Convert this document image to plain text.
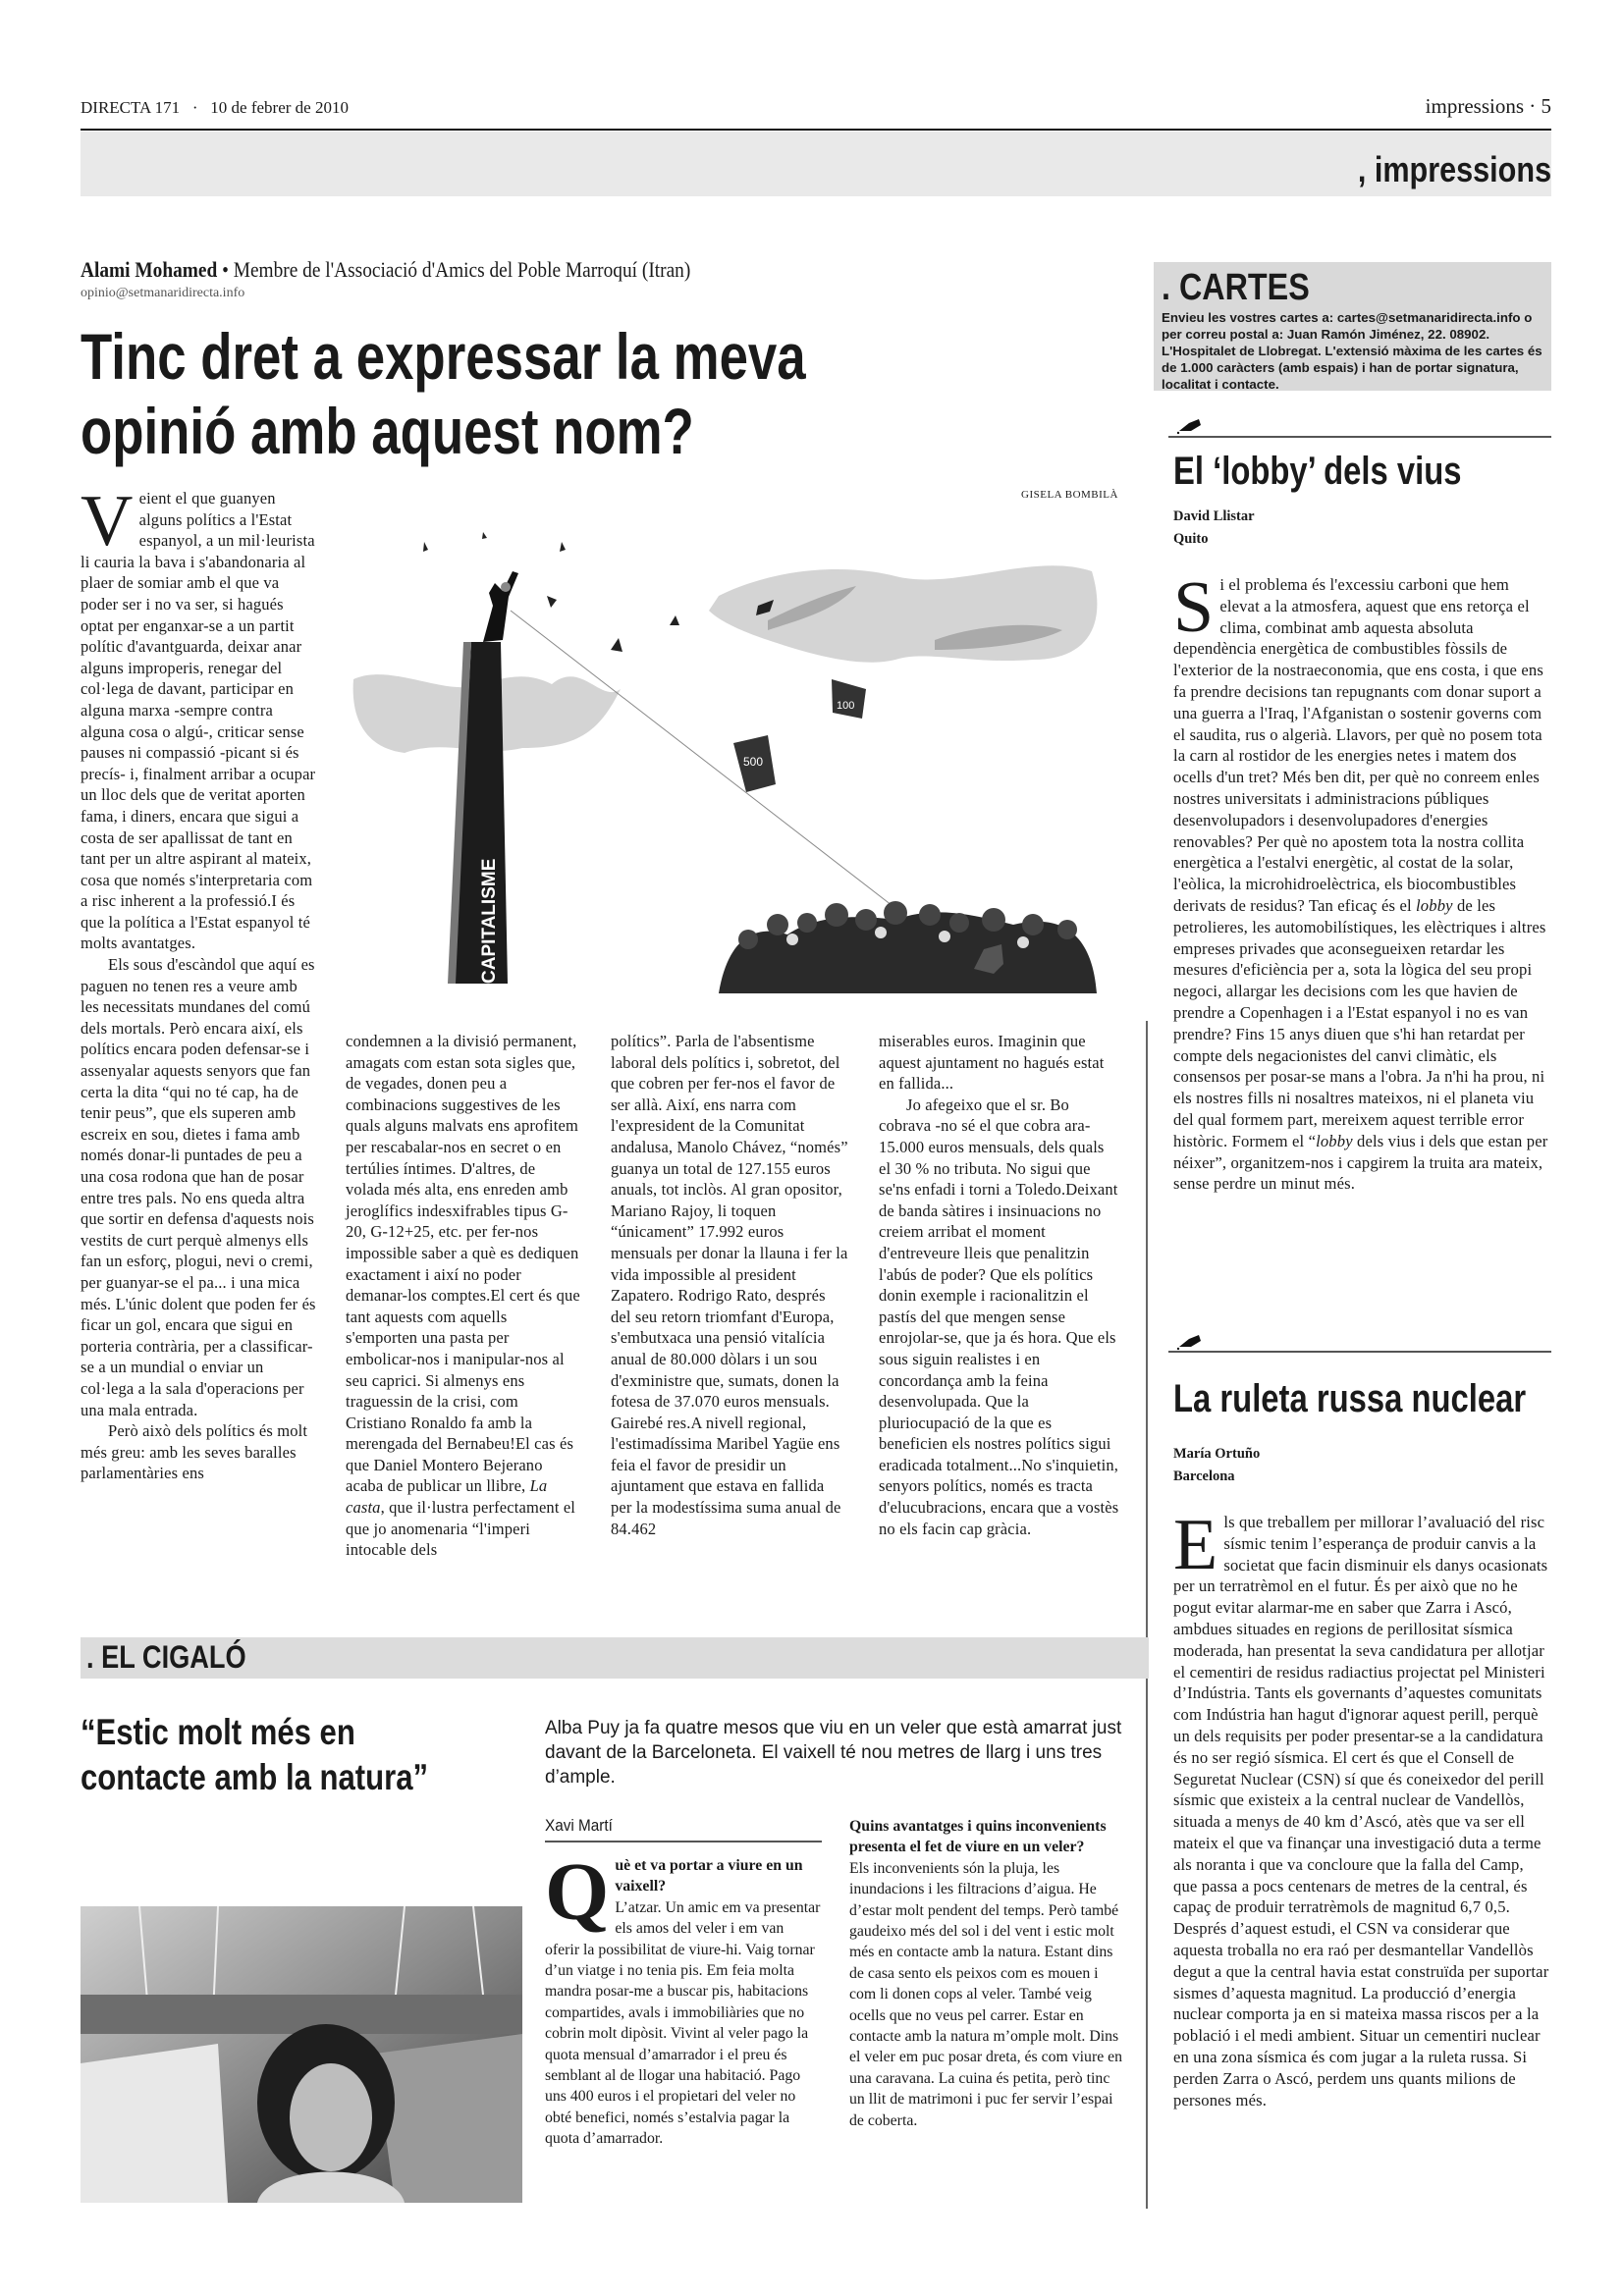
DIRECTA 171 · 10 de febrer de 2010	impressions · 5
, impressions
Alami Mohamed • Membre de l'Associació d'Amics del Poble Marroquí (Itran)
opinio@setmanaridirecta.info
Tinc dret a expressar la meva
opinió amb aquest nom?

Veient el que guanyen alguns polítics a l'Estat espanyol, a un mil·leurista li cauria la bava i s'abandonaria al plaer de somiar amb el que va poder ser i no va ser, si hagués optat per enganxar-se a un partit polític d'avantguarda, deixar anar alguns improperis, renegar del col·lega de davant, participar en alguna marxa -sempre contra alguna cosa o algú-, criticar sense pauses ni compassió -picant si és precís- i, finalment arribar a ocupar un lloc dels que de veritat aporten fama, i diners, encara que sigui a costa de ser apallissat de tant en tant per un altre aspirant al mateix, cosa que només s'interpretaria com a risc inherent a la professió.I és que la política a l'Estat espanyol té molts avantatges.

Els sous d'escàndol que aquí es paguen no tenen res a veure amb les necessitats mundanes del comú dels mortals. Però encara així, els polítics encara poden defensar-se i assenyalar aquests senyors que fan certa la dita “qui no té cap, ha de tenir peus”, que els superen amb escreix en sou, dietes i fama amb només donar-li puntades de peu a una cosa rodona que han de posar entre tres pals. No ens queda altra que sortir en defensa d'aquests nois vestits de curt perquè almenys ells fan un esforç, plogui, nevi o cremi, per guanyar-se el pa... i una mica més. L'únic dolent que poden fer és ficar un gol, encara que sigui en porteria contrària, per a classificar-se a un mundial o enviar un col·lega a la sala d'operacions per una mala entrada.

Però això dels polítics és molt més greu: amb les seves baralles parlamentàries ens

GISELA BOMBILÀ
CAPITALISME
100
500

condemnen a la divisió permanent, amagats com estan sota sigles que, de vegades, donen peu a combinacions suggestives de les quals alguns malvats ens aprofitem per rescabalar-nos en secret o en tertúlies íntimes. D'altres, de volada més alta, ens enreden amb jeroglífics indesxifrables tipus G-20, G-12+25, etc. per fer-nos impossible saber a què es dediquen exactament i així no poder demanar-los comptes.El cert és que tant aquests com aquells s'emporten una pasta per embolicar-nos i manipular-nos al seu caprici. Si almenys ens traguessin de la crisi, com Cristiano Ronaldo fa amb la merengada del Bernabeu!El cas és que Daniel Montero Bejerano acaba de publicar un llibre, La casta, que il·lustra perfectament el que jo anomenaria “l'imperi intocable dels

polítics”. Parla de l'absentisme laboral dels polítics i, sobretot, del que cobren per fer-nos el favor de ser allà. Així, ens narra com l'expresident de la Comunitat andalusa, Manolo Chávez, “només” guanya un total de 127.155 euros anuals, tot inclòs. Al gran opositor, Mariano Rajoy, li toquen “únicament” 17.992 euros mensuals per donar la llauna i fer la vida impossible al president Zapatero. Rodrigo Rato, després del seu retorn triomfant d'Europa, s'embutxaca una pensió vitalícia anual de 80.000 dòlars i un sou d'exministre que, sumats, donen la fotesa de 37.070 euros mensuals. Gairebé res.A nivell regional, l'estimadíssima Maribel Yagüe ens feia el favor de presidir un ajuntament que estava en fallida per la modestíssima suma anual de 84.462

miserables euros. Imaginin que aquest ajuntament no hagués estat en fallida...

Jo afegeixo que el sr. Bo cobrava -no sé el que cobra ara- 15.000 euros mensuals, dels quals el 30 % no tributa. No sigui que se'ns enfadi i torni a Toledo.Deixant de banda sàtires i insinuacions no creiem arribat el moment d'entreveure lleis que penalitzin l'abús de poder? Que els polítics donin exemple i racionalitzin el pastís del que mengen sense enrojolar-se, que ja és hora. Que els sous siguin realistes i en concordança amb la feina desenvolupada. Que la pluriocupació de la que es beneficien els nostres polítics sigui eradicada totalment...No s'inquietin, senyors polítics, només es tracta d'elucubracions, encara que a vostès no els facin cap gràcia.

. CARTES
Envieu les vostres cartes a: cartes@setmanaridirecta.info o per correu postal a: Juan Ramón Jiménez, 22. 08902. L'Hospitalet de Llobregat. L'extensió màxima de les cartes és de 1.000 caràcters (amb espais) i han de portar signatura, localitat i contacte.
El ‘lobby’ dels vius
David Llistar
Quito

Si el problema és l'excessiu carboni que hem elevat a la atmosfera, aquest que ens retorça el clima, combinat amb aquesta absoluta dependència energètica de combustibles fòssils de l'exterior de la nostraeconomia, que ens costa, i que ens fa prendre decisions tan repugnants com donar suport a una guerra a l'Iraq, l'Afganistan o sostenir governs com el saudita, rus o algerià. Llavors, per què no posem tota la carn al rostidor de les energies netes i matem dos ocells d'un tret? Més ben dit, per què no conreem enles nostres universitats i administracions públiques desenvolupadors i desenvolupadores d'energies renovables? Per què no apostem tota la nostra collita energètica a l'estalvi energètic, al costat de la solar, l'eòlica, la microhidroelèctrica, els biocombustibles derivats de residus? Tan eficaç és el lobby de les petrolieres, les automobilístiques, les elèctriques i altres empreses privades que aconsegueixen retardar les mesures d'eficiència per a, sota la lògica del seu propi negoci, allargar les decisions com les que havien de prendre a Copenhagen i a l'Estat espanyol i no es van prendre? Fins 15 anys diuen que s'hi han retardat per compte dels negacionistes del canvi climàtic, els consensos per posar-se mans a l'obra. Ja n'hi ha prou, ni els nostres fills ni nosaltres mateixos, ni el planeta viu del qual formem part, mereixem aquest terrible error històric. Formem el “lobby dels vius i dels que estan per néixer”, organitzem-nos i capgirem la truita ara mateix, sense perdre un minut més.

La ruleta russa nuclear
María Ortuño
Barcelona

Els que treballem per millorar l’avaluació del risc sísmic tenim l’esperança de produir canvis a la societat que facin disminuir els danys ocasionats per un terratrèmol en el futur. És per això que no he pogut evitar alarmar-me en saber que Zarra i Ascó, ambdues situades en regions de perillositat sísmica moderada, han presentat la seva candidatura per allotjar el cementiri de residus radiactius projectat pel Ministeri d’Indústria. Tants els governants d’aquestes comunitats com Indústria han hagut d'ignorar aquest perill, perquè un dels requisits per poder presentar-se a la candidatura és no ser regió sísmica. El cert és que el Consell de Seguretat Nuclear (CSN) sí que és coneixedor del perill sísmic que existeix a la central nuclear de Vandellòs, situada a menys de 40 km d’Ascó, atès que va ser ell mateix el que va finançar una investigació duta a terme als noranta i que va concloure que la falla del Camp, que passa a pocs centenars de metres de la central, és capaç de produir terratrèmols de magnitud 6,7 0,5. Després d’aquest estudi, el CSN va considerar que aquesta troballa no era raó per desmantellar Vandellòs degut a que la central havia estat construïda per suportar sismes d’aquesta magnitud. La producció d’energia nuclear comporta ja en si mateixa massa riscos per a la població i el medi ambient. Situar un cementiri nuclear en una zona sísmica és com jugar a la ruleta russa. Si perden Zarra o Ascó, perdem uns quants milions de persones més.

. EL CIGALÓ
“Estic molt més en
contacte amb la natura”
Alba Puy ja fa quatre mesos que viu en un veler que està amarrat just davant de la Barceloneta. El vaixell té nou metres de llarg i uns tres d’ample.
Xavi Martí
Què et va portar a viure en un vaixell?
L’atzar. Un amic em va presentar els amos del veler i em van oferir la possibilitat de viure-hi. Vaig tornar d’un viatge i no tenia pis. Em feia molta mandra posar-me a buscar pis, habitacions compartides, avals i immobiliàries que no cobrin molt dipòsit. Vivint al veler pago la quota mensual d’amarrador i el preu és semblant al de llogar una habitació. Pago uns 400 euros i el propietari del veler no obté benefici, només s’estalvia pagar la quota d’amarrador.
Quins avantatges i quins inconvenients presenta el fet de viure en un veler?
Els inconvenients són la pluja, les inundacions i les filtracions d’aigua. He d’estar molt pendent del temps. Però també gaudeixo més del sol i del vent i estic molt més en contacte amb la natura. Estant dins de casa sento els peixos com es mouen i com li donen cops al veler. També veig ocells que no veus pel carrer. Estar en contacte amb la natura m’omple molt. Dins el veler em puc posar dreta, és com viure en una caravana. La cuina és petita, però tinc un llit de matrimoni i puc fer servir l’espai de coberta.
